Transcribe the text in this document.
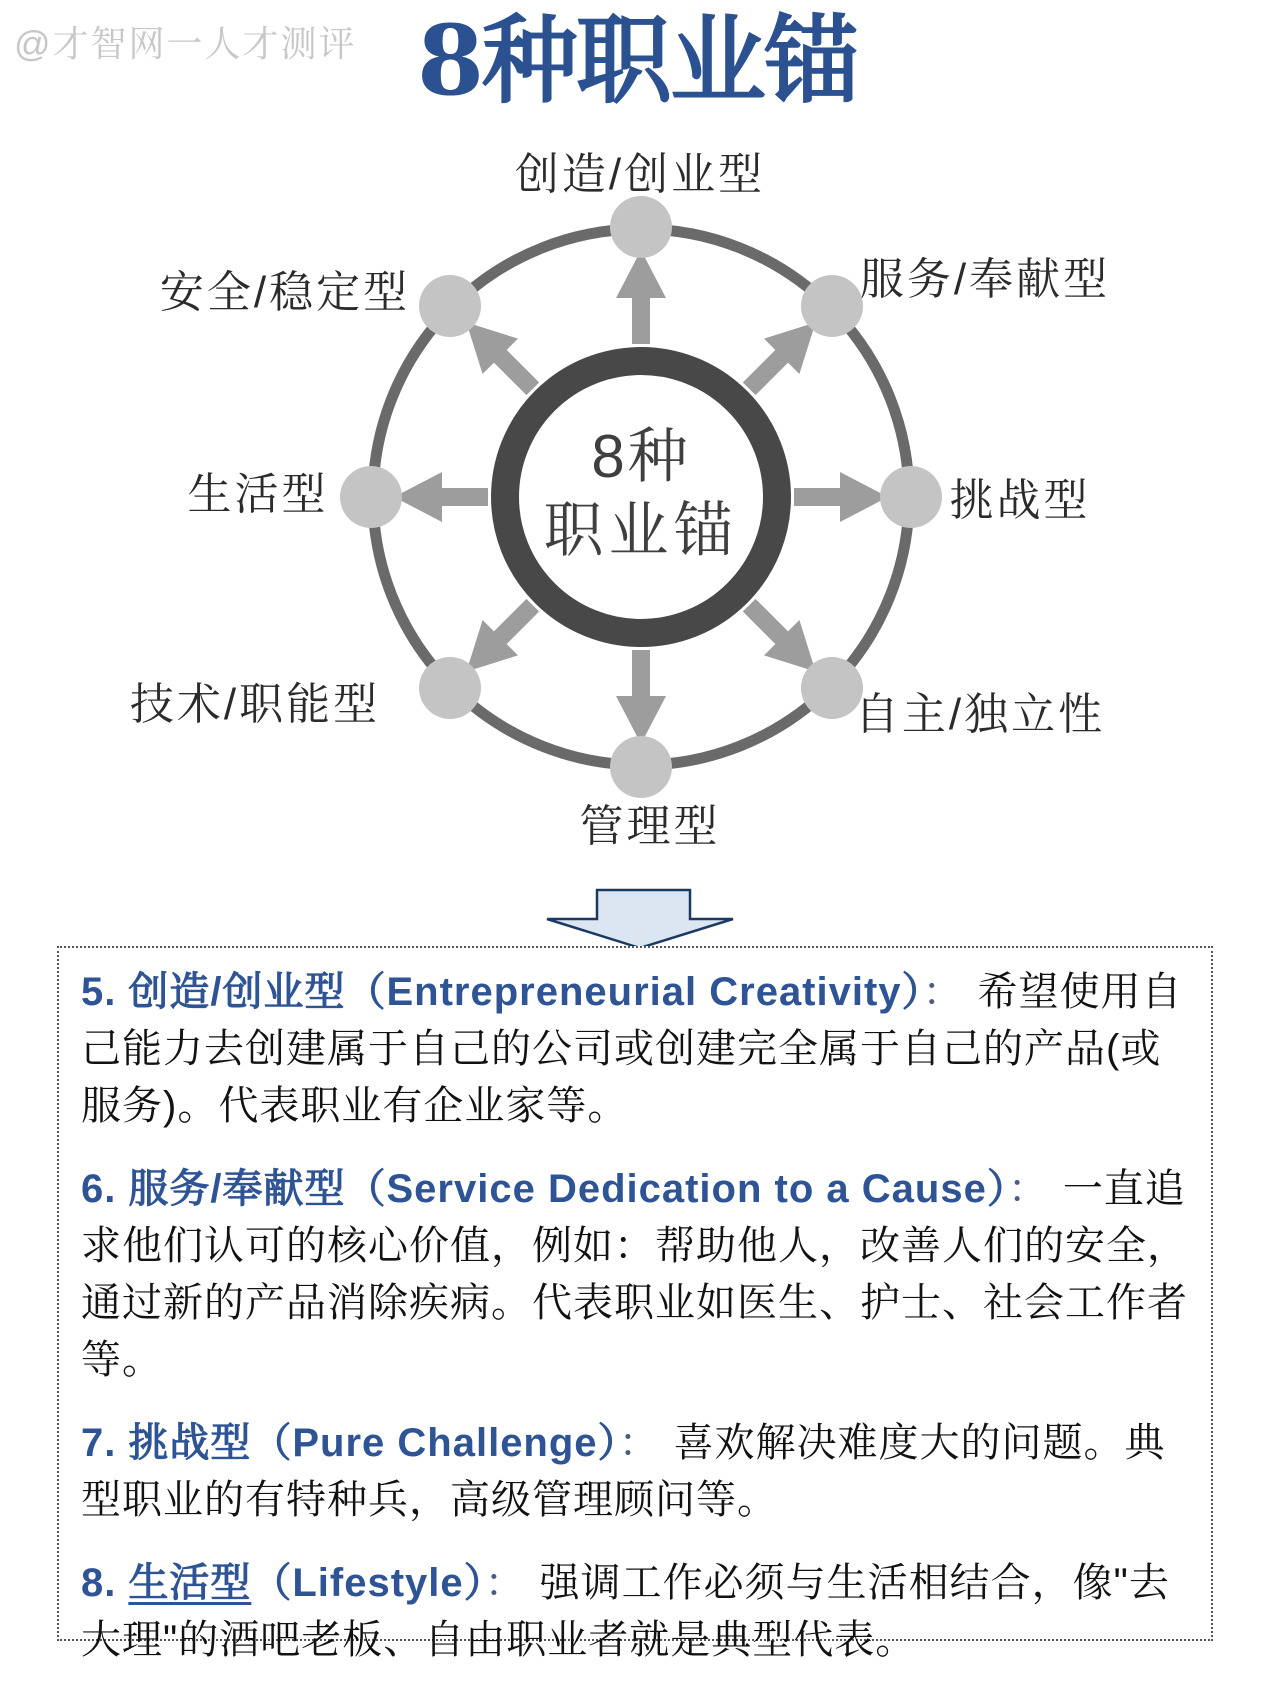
@才智网一人才测评 8种职业锚
8种
职业锚
创造/创业型
安全/稳定型	服务/奉献型
生活型	挑战型
技术/职能型	自主/独立性
管理型

5. 创造/创业型（Entrepreneurial Creativity）： 希望使用自己能力去创建属于自己的公司或创建完全属于自己的产品(或服务)。代表职业有企业家等。

6. 服务/奉献型（Service Dedication to a Cause）： 一直追求他们认可的核心价值，例如：帮助他人，改善人们的安全，通过新的产品消除疾病。代表职业如医生、护士、社会工作者等。

7. 挑战型（Pure Challenge）： 喜欢解决难度大的问题。典型职业的有特种兵，高级管理顾问等。

8. 生活型（Lifestyle）： 强调工作必须与生活相结合，像"去大理"的酒吧老板、自由职业者就是典型代表。
